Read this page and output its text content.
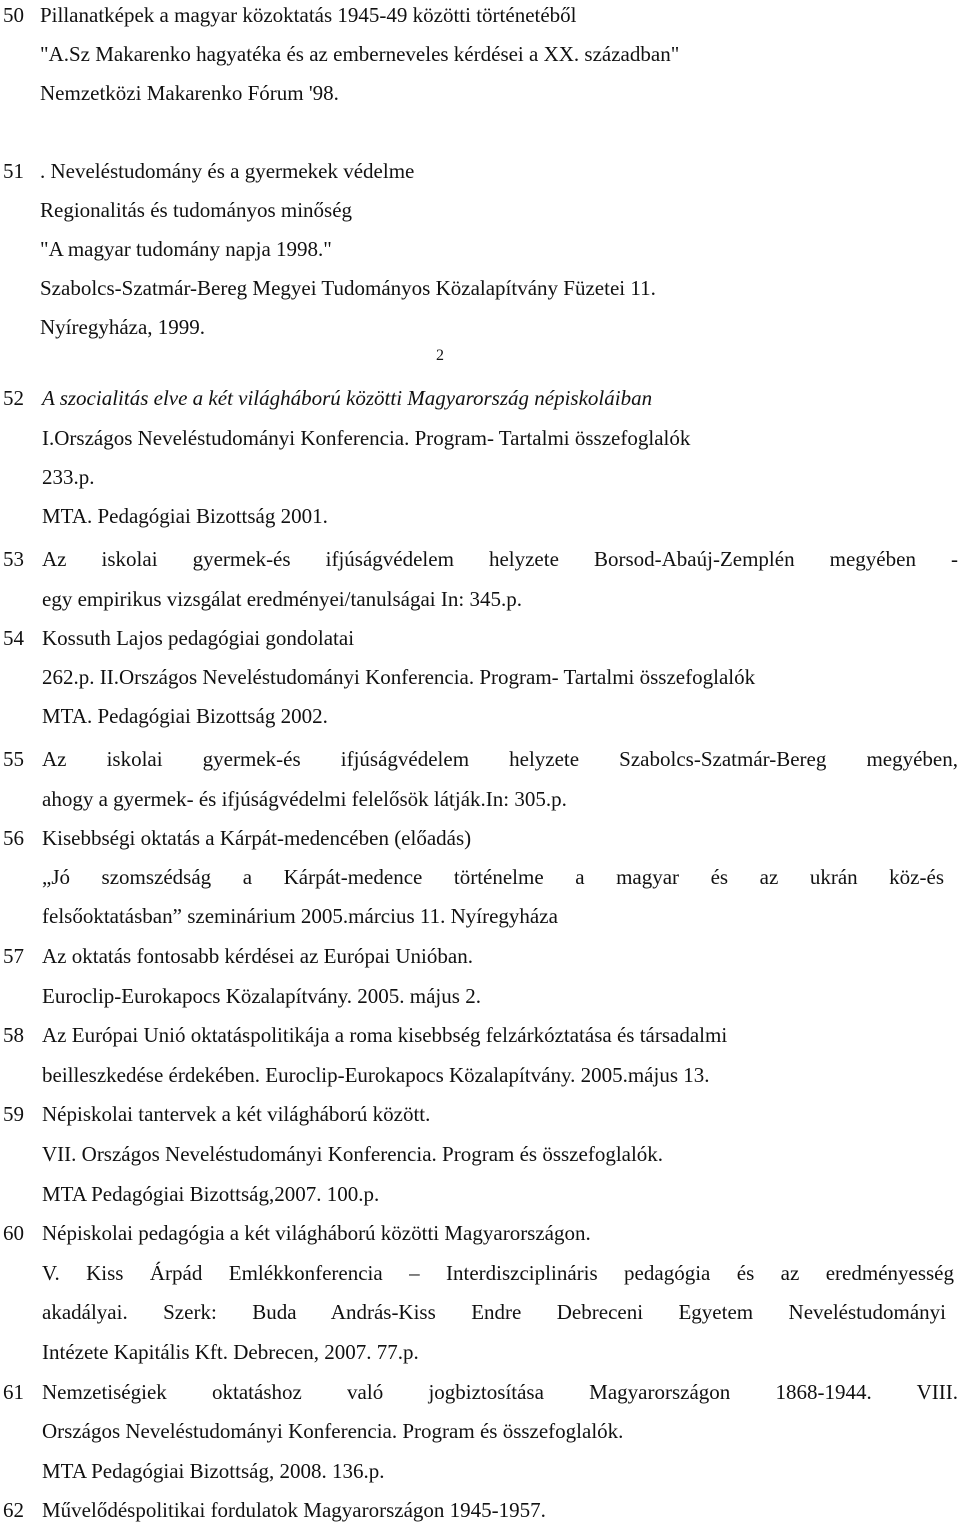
50 Pillanatképek a magyar közoktatás 1945-49 közötti történetéből
"A.Sz Makarenko hagyatéka és az emberneveles kérdései a XX. században"
Nemzetközi Makarenko Fórum '98.
51 . Neveléstudomány és a gyermekek védelme
Regionalitás és tudományos minőség
"A magyar tudomány napja 1998."
Szabolcs-Szatmár-Bereg Megyei Tudományos Közalapítvány Füzetei 11.
Nyíregyháza, 1999.
2
52 A szocialitás elve a két világháború közötti Magyarország népiskoláiban
I.Országos Neveléstudományi Konferencia. Program- Tartalmi összefoglalók
233.p.
MTA. Pedagógiai Bizottság 2001.
53 Az iskolai gyermek-és ifjúságvédelem helyzete Borsod-Abaúj-Zemplén megyében -
egy empirikus vizsgálat eredményei/tanulságai In: 345.p.
54 Kossuth Lajos pedagógiai gondolatai
262.p. II.Országos Neveléstudományi Konferencia. Program- Tartalmi összefoglalók
MTA. Pedagógiai Bizottság 2002.
55 Az iskolai gyermek-és ifjúságvédelem helyzete Szabolcs-Szatmár-Bereg megyében,
ahogy a gyermek- és ifjúságvédelmi felelősök látják.In: 305.p.
56 Kisebbségi oktatás a Kárpát-medencében (előadás)
„Jó szomszédság a Kárpát-medence történelme a magyar és az ukrán köz-és
felsőoktatásban” szeminárium 2005.március 11. Nyíregyháza
57 Az oktatás fontosabb kérdései az Európai Unióban.
Euroclip-Eurokapocs Közalapítvány. 2005. május 2.
58 Az Európai Unió oktatáspolitikája a roma kisebbség felzárkóztatása és társadalmi
beilleszkedése érdekében. Euroclip-Eurokapocs Közalapítvány. 2005.május 13.
59 Népiskolai tantervek a két világháború között.
VII. Országos Neveléstudományi Konferencia. Program és összefoglalók.
MTA Pedagógiai Bizottság,2007. 100.p.
60 Népiskolai pedagógia a két világháború közötti Magyarországon.
V. Kiss Árpád Emlékkonferencia – Interdiszciplináris pedagógia és az eredményesség
akadályai. Szerk: Buda András-Kiss Endre Debreceni Egyetem Neveléstudományi
Intézete Kapitális Kft. Debrecen, 2007. 77.p.
61 Nemzetiségiek oktatáshoz való jogbiztosítása Magyarországon 1868-1944. VIII.
Országos Neveléstudományi Konferencia. Program és összefoglalók.
MTA Pedagógiai Bizottság, 2008. 136.p.
62 Művelődéspolitikai fordulatok Magyarországon 1945-1957.
